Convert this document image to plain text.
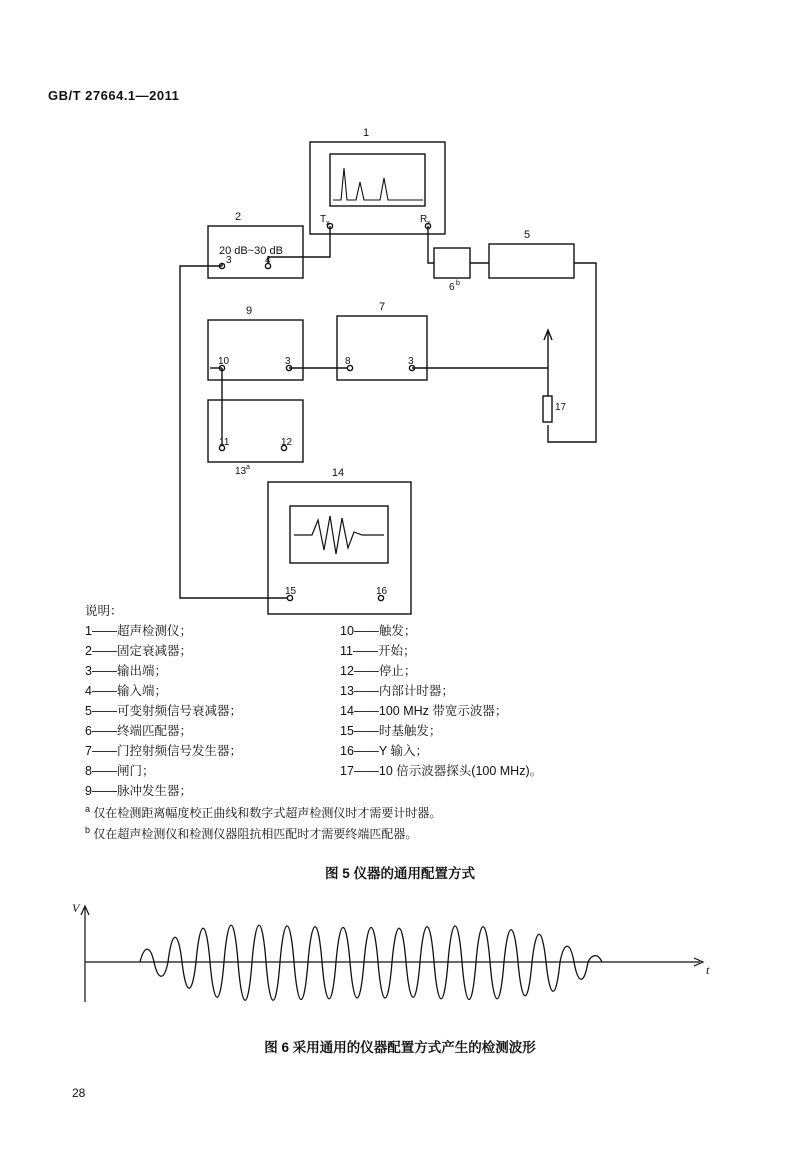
GB/T 27664.1—2011
1
2
20 dB~30 dB
3	4
T x	R x
5
6 b
9	7
10	3	8	3
11	12
13 a	14
15	16
17
说明：
1——超声检测仪；
2——固定衰减器；
3——输出端；
4——输入端；
5——可变射频信号衰减器；
6——终端匹配器；
7——门控射频信号发生器；
8——闸门；
9——脉冲发生器；
10——触发；
11——开始；
12——停止；
13——内部计时器；
14——100 MHz 带宽示波器；
15——时基触发；
16——Y 输入；
17——10 倍示波器探头(100 MHz)。
$^a$ 仅在检测距离幅度校正曲线和数字式超声检测仪时才需要计时器。
$^b$ 仅在超声检测仪和检测仪器阻抗相匹配时才需要终端匹配器。
图 5 仪器的通用配置方式
V
t
图 6 采用通用的仪器配置方式产生的检测波形
28
